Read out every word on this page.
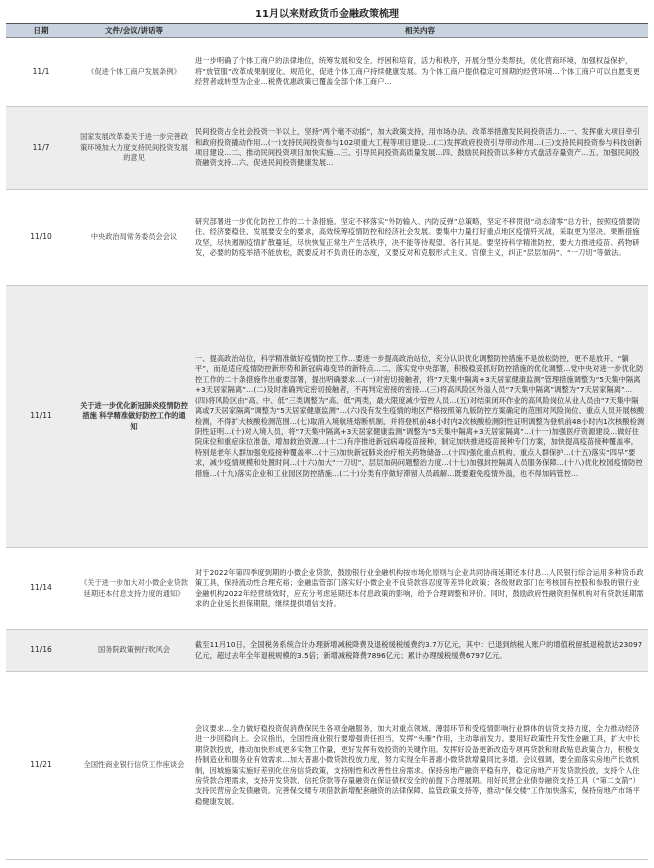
11月以来财政货币金融政策梳理
日期	文件/会议/讲话等	相关内容
11/1	《促进个体工商户发展条例》	进一步明确了个体工商户的法律地位，统筹发展和安全，纾困和培育，活力和秩序，开展分型分类帮扶，优化营商环境，加强权益保护，将“放管服”改革成果制度化、规范化，促进个体工商户持续健康发展。为个体工商户提供稳定可预期的经营环境…个体工商户可以自愿变更经营者或转型为企业…税费优惠政策已覆盖全部个体工商户…
11/7	国家发展改革委关于进一步完善政策环境加大力度支持民间投资发展的意见	民间投资占全社会投资一半以上，坚持“两个毫不动摇”，加大政策支持，用市场办法、改革举措激发民间投资活力…一、发挥重大项目牵引和政府投资撬动作用…(一)支持民间投资参与102项重大工程等项目建设…(二)发挥政府投资引导带动作用…(三)支持民间投资参与科技创新项目建设…二、推动民间投资项目加快实施…三、引导民间投资高质量发展…四、鼓励民间投资以多种方式盘活存量资产…五、加强民间投资融资支持…六、促进民间投资健康发展…
11/10	中央政治局常务委员会会议	研究部署进一步优化防控工作的二十条措施。坚定不移落实“外防输入、内防反弹”总策略，坚定不移贯彻“动态清零”总方针，按照疫情要防住、经济要稳住、发展要安全的要求，高效统筹疫情防控和经济社会发展。要集中力量打好重点地区疫情歼灭战，采取更为坚决、果断措施攻坚，尽快遏制疫情扩散蔓延，尽快恢复正常生产生活秩序，决不能等待观望、各行其是。要坚持科学精准防控，要大力推进疫苗、药物研发，必要的防疫举措不能放松，既要反对不负责任的态度，又要反对和克服形式主义、官僚主义，纠正“层层加码”、“一刀切”等做法。
11/11	关于进一步优化新冠肺炎疫情防控措施 科学精准做好防控工作的通知	一、提高政治站位，科学精准做好疫情防控工作…要进一步提高政治站位，充分认识优化调整防控措施不是放松防控，更不是放开、“躺平”，而是适应疫情防控新形势和新冠病毒变异的新特点…二、落实党中央部署，积极稳妥抓好防控措施的优化调整…党中央对进一步优化防控工作的二十条措施作出重要部署，提出明确要求…(一)对密切接触者，将“7天集中隔离+3天居家健康监测”管理措施调整为“5天集中隔离+3天居家隔离”…(二)及时准确判定密切接触者，不再判定密接的密接…(三)将高风险区外溢人员“7天集中隔离”调整为“7天居家隔离”…(四)将风险区由“高、中、低”三类调整为“高、低”两类，最大限度减少管控人员…(五)对结束闭环作业的高风险岗位从业人员由“7天集中隔离或7天居家隔离”调整为“5天居家健康监测”…(六)没有发生疫情的地区严格按照第九版防控方案确定的范围对风险岗位、重点人员开展核酸检测，不得扩大核酸检测范围…(七)取消入境航班熔断机制，并将登机前48小时内2次核酸检测阴性证明调整为登机前48小时内1次核酸检测阴性证明…(十)对入境人员，将“7天集中隔离+3天居家健康监测”调整为“5天集中隔离+3天居家隔离”…(十一)加强医疗资源建设…做好住院床位和重症床位准备，增加救治资源…(十二)有序推进新冠病毒疫苗接种，制定加快推进疫苗接种专门方案，加快提高疫苗接种覆盖率，特别是老年人群加强免疫接种覆盖率…(十三)加快新冠肺炎治疗相关药物储备…(十四)强化重点机构、重点人群保护…(十五)落实“四早”要求，减少疫情规模和处置时间…(十六)加大“一刀切”、层层加码问题整治力度…(十七)加强封控隔离人员服务保障…(十八)优化校园疫情防控措施…(十九)落实企业和工业园区防控措施…(二十)分类有序做好滞留人员疏解…既要避免疫情外溢，也不得加码管控…
11/14	《关于进一步加大对小微企业贷款延期还本付息支持力度的通知》	对于2022年第四季度到期的小微企业贷款，鼓励银行业金融机构按市场化原则与企业共同协商延期还本付息…人民银行综合运用多种货币政策工具，保持流动性合理充裕；金融监管部门落实好小微企业不良贷款容忍度等差异化政策；各级财政部门在考核国有控股和参股的银行业金融机构2022年经营绩效时，应充分考虑延期还本付息政策的影响，给予合理调整和评价。同时，鼓励政府性融资担保机构对有贷款延期需求的企业延长担保期限，继续提供增信支持。
11/16	国务院政策例行吹风会	截至11月10日，全国税务系统合计办理新增减税降费及退税缓税缓费约3.7万亿元，其中：已退到纳税人账户的增值税留抵退税款达23097亿元，超过去年全年退税规模的3.5倍；新增减税降费7896亿元；累计办理缓税缓费6797亿元。
11/21	全国性商业银行信贷工作座谈会	会议要求…全力做好稳投资促消费保民生各项金融服务，加大对重点领域、薄弱环节和受疫情影响行业群体的信贷支持力度，全力推动经济进一步回稳向上。会议指出，全国性商业银行要增强责任担当，发挥“头雁”作用，主动靠前发力。要用好政策性开发性金融工具，扩大中长期贷款投放，推动加快形成更多实物工作量，更好发挥有效投资的关键作用。发挥好设备更新改造专项再贷款和财政贴息政策合力，积极支持制造业和服务业有效需求…加大普惠小微贷款投放力度，努力实现全年普惠小微贷款增量同比多增。会议强调，要全面落实房地产长效机制，因城施策实施好差别化住房信贷政策，支持刚性和改善性住房需求。保持房地产融资平稳有序，稳定房地产开发贷款投放，支持个人住房贷款合理需求，支持开发贷款、信托贷款等存量融资在保证债权安全的前提下合理展期。用好民营企业债券融资支持工具（“第二支箭”）支持民营房企发债融资。完善保交楼专项借款新增配套融资的法律保障、监管政策支持等，推动“保交楼”工作加快落实，保持房地产市场平稳健康发展。
